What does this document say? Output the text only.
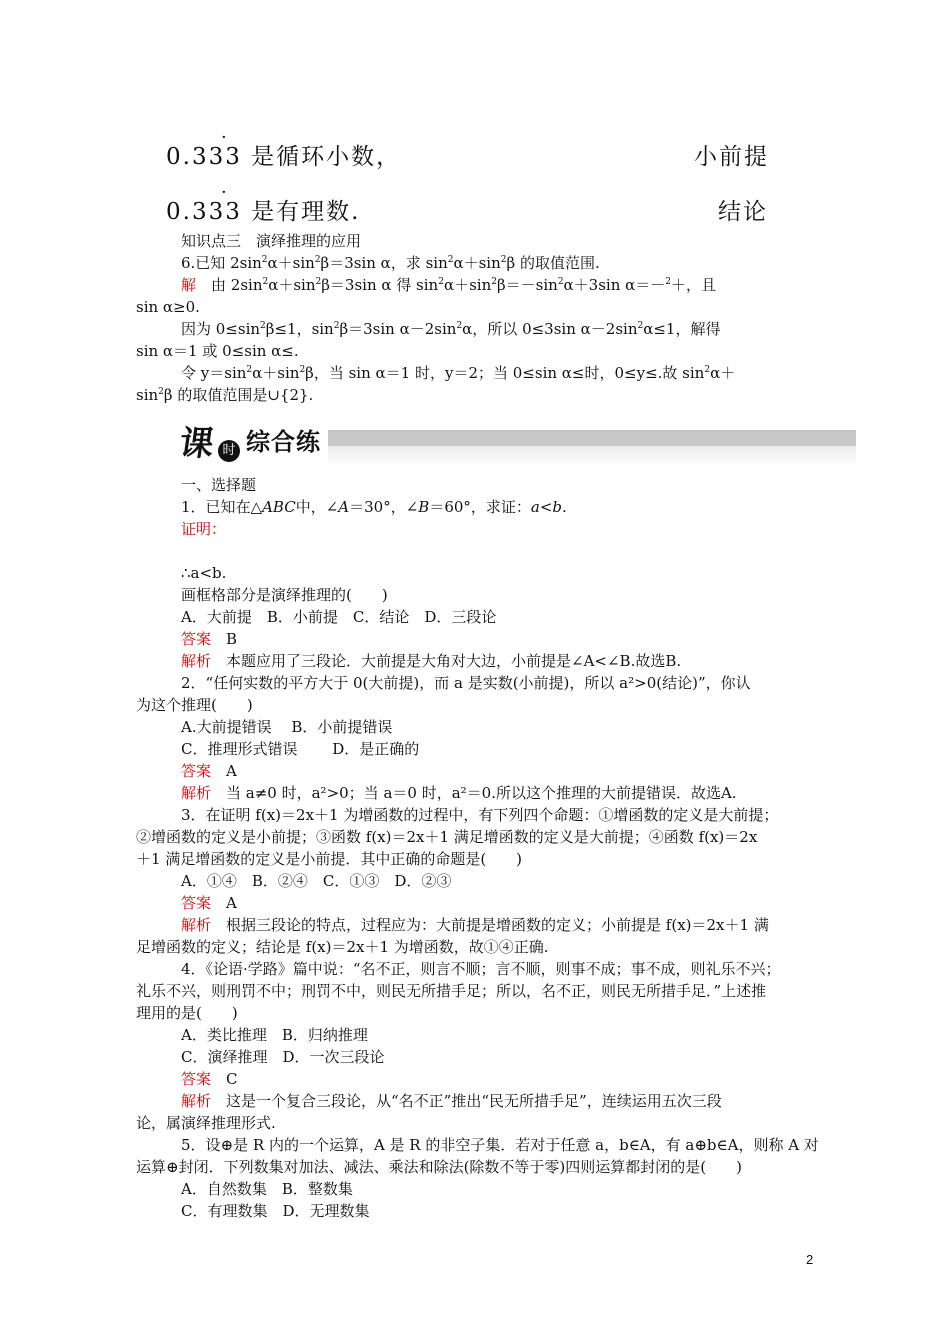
·
0.333 是循环小数，	小前提
·
0.333 是有理数.	结论
知识点三　演绎推理的应用
6.已知 $2\sin^2\alpha+\sin^2\beta=3\sin$ α，求 $\sin^2\alpha+\sin^2\beta$ 的取值范围.
解　由 $2\sin^2\alpha+\sin^2\beta=3\sin$ α 得 $\sin^2\alpha+\sin^2\beta=-\sin^2\alpha+3\sin$ α＝－$^2$＋，且
sin α≥0.
因为 $0\le\sin^2\beta\le 1$，$\sin^2\beta=3\sin$ $\alpha-2\sin^2\alpha$，所以 0≤3sin $\alpha-2\sin^2\alpha\le 1$，解得
sin α＝1 或 0≤sin α≤.
令 $y=\sin^2\alpha+\sin^2\beta$，当 sin α＝1 时，y＝2；当 0≤sin α≤时，0≤y≤.故 $\sin^2\alpha+$
$\sin^2\beta$ 的取值范围是∪{2}.
课 时 综合练
一、选择题
1．已知在△ABC中，∠A＝30°，∠B＝60°，求证：a<b.
证明：
∴a<b.
画框格部分是演绎推理的(　　)
A．大前提　B．小前提　C．结论　D．三段论
答案　B
解析　本题应用了三段论．大前提是大角对大边，小前提是∠A<∠B.故选B.
2．“任何实数的平方大于 0(大前提)，而 a 是实数(小前提)，所以 a²>0(结论)”，你认
为这个推理(　　)
A.大前提错误　 B．小前提错误
C．推理形式错误　　 D．是正确的
答案　A
解析　当 a≠0 时，a²>0；当 a＝0 时，a²＝0.所以这个推理的大前提错误．故选A.
3．在证明 f(x)＝2x＋1 为增函数的过程中，有下列四个命题：①增函数的定义是大前提；
②增函数的定义是小前提；③函数 f(x)＝2x＋1 满足增函数的定义是大前提；④函数 f(x)＝2x
＋1 满足增函数的定义是小前提．其中正确的命题是(　　)
A．①④　B．②④　C．①③　D．②③
答案　A
解析　根据三段论的特点，过程应为：大前提是增函数的定义；小前提是 f(x)＝2x＋1 满
足增函数的定义；结论是 f(x)＝2x＋1 为增函数，故①④正确.
4．《论语·学路》篇中说：“名不正，则言不顺；言不顺，则事不成；事不成，则礼乐不兴；
礼乐不兴，则刑罚不中；刑罚不中，则民无所措手足；所以，名不正，则民无所措手足．”上述推
理用的是(　　)
A．类比推理　B．归纳推理
C．演绎推理　D．一次三段论
答案　C
解析　这是一个复合三段论，从“名不正”推出“民无所措手足”，连续运用五次三段
论，属演绎推理形式.
5．设⊕是 R 内的一个运算，A 是 R 的非空子集．若对于任意 a，b∈A，有 a⊕b∈A，则称 A 对
运算⊕封闭．下列数集对加法、减法、乘法和除法(除数不等于零)四则运算都封闭的是(　　)
A．自然数集　B．整数集
C．有理数集　D．无理数集
2
